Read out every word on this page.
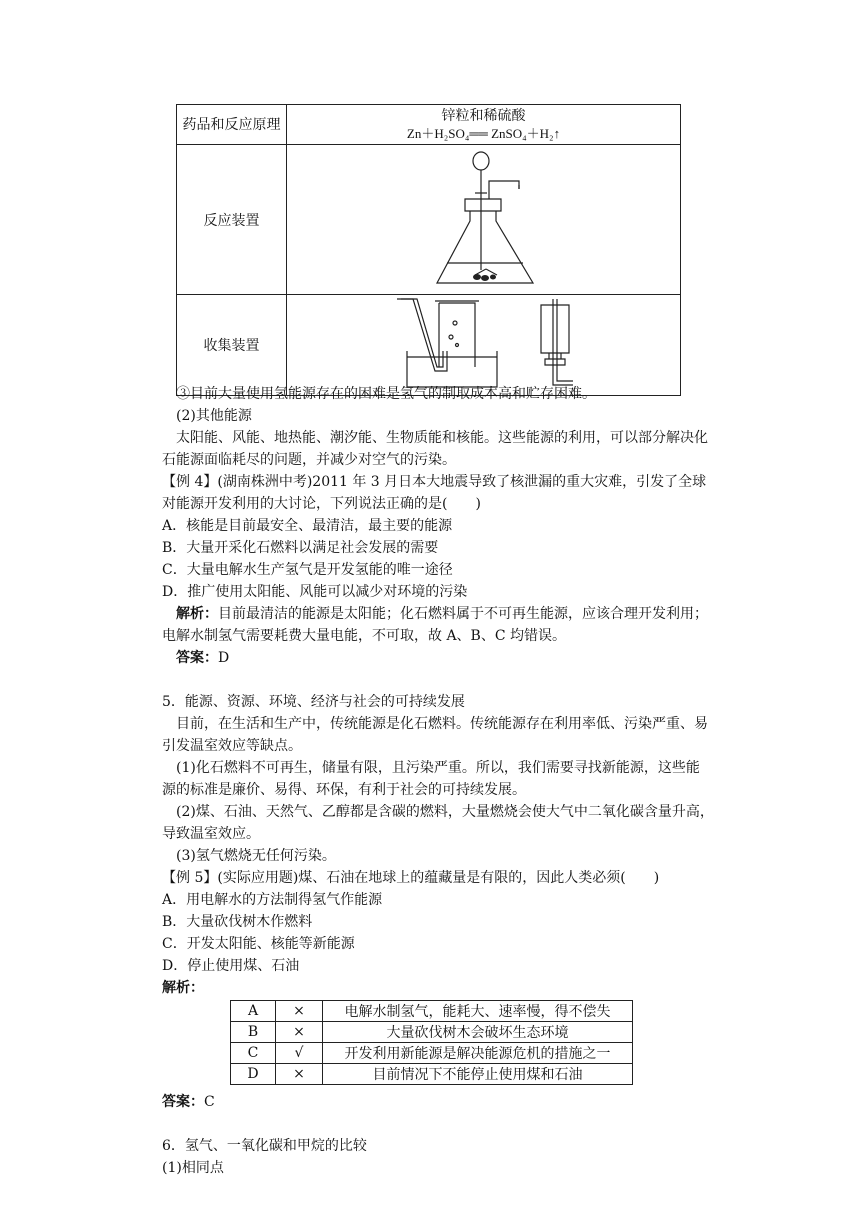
药品和反应原理	锌粒和稀硫酸
Zn＋H₂SO₄══ ZnSO₄＋H₂↑

反应装置	
收集装置	
③目前大量使用氢能源存在的困难是氢气的制取成本高和贮存困难。
(2)其他能源
太阳能、风能、地热能、潮汐能、生物质能和核能。这些能源的利用，可以部分解决化
石能源面临耗尽的问题，并减少对空气的污染。
【例 4】(湖南株洲中考)2011 年 3 月日本大地震导致了核泄漏的重大灾难，引发了全球
对能源开发利用的大讨论，下列说法正确的是(　　)
A．核能是目前最安全、最清洁，最主要的能源
B．大量开采化石燃料以满足社会发展的需要
C．大量电解水生产氢气是开发氢能的唯一途径
D．推广使用太阳能、风能可以减少对环境的污染
解析：目前最清洁的能源是太阳能；化石燃料属于不可再生能源，应该合理开发利用；
电解水制氢气需要耗费大量电能，不可取，故 A、B、C 均错误。
答案：D
5．能源、资源、环境、经济与社会的可持续发展
目前，在生活和生产中，传统能源是化石燃料。传统能源存在利用率低、污染严重、易
引发温室效应等缺点。
(1)化石燃料不可再生，储量有限，且污染严重。所以，我们需要寻找新能源，这些能
源的标准是廉价、易得、环保，有利于社会的可持续发展。
(2)煤、石油、天然气、乙醇都是含碳的燃料，大量燃烧会使大气中二氧化碳含量升高，
导致温室效应。
(3)氢气燃烧无任何污染。
【例 5】(实际应用题)煤、石油在地球上的蕴藏量是有限的，因此人类必须(　　)
A．用电解水的方法制得氢气作能源
B．大量砍伐树木作燃料
C．开发太阳能、核能等新能源
D．停止使用煤、石油
解析：
A	×	电解水制氢气，能耗大、速率慢，得不偿失
B	×	大量砍伐树木会破坏生态环境
C	√	开发利用新能源是解决能源危机的措施之一
D	×	目前情况下不能停止使用煤和石油
答案：C
6．氢气、一氧化碳和甲烷的比较
(1)相同点
